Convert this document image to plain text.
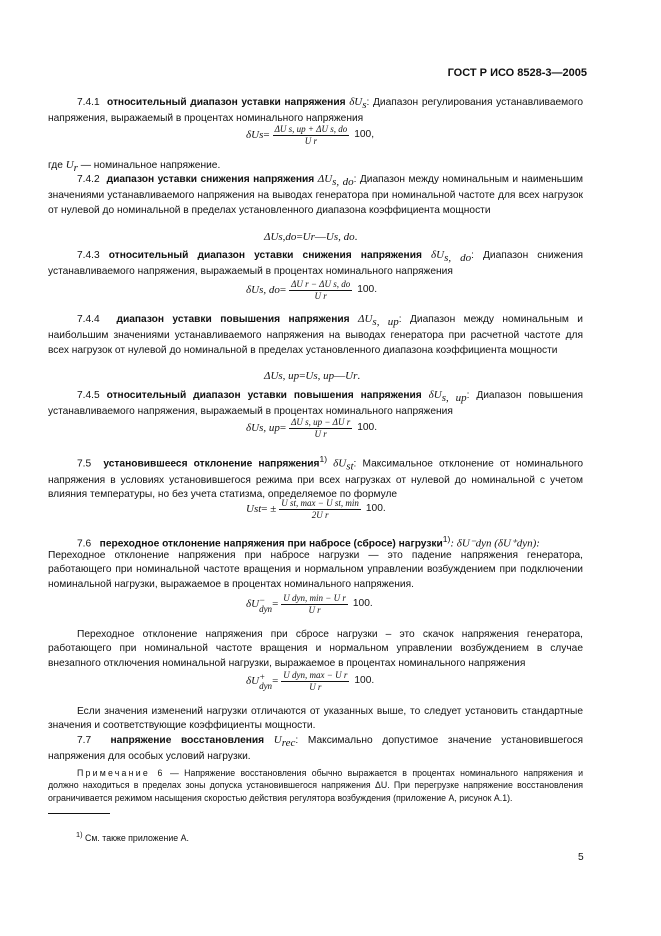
ГОСТ Р ИСО 8528-3—2005
7.4.1 относительный диапазон уставки напряжения $\delta U_s$: Диапазон регулирования устанавливаемого напряжения, выражаемый в процентах номинального напряжения
δU $s = \frac{\text{ΔU s, up + ΔU s, do}}{\text{U r}} 100$,
где $U_r$ — номинальное напряжение.
7.4.2 диапазон уставки снижения напряжения $\Delta U_{s, do}$: Диапазон между номинальным и наименьшим значениями устанавливаемого напряжения на выводах генератора при номинальной частоте для всех нагрузок от нулевой до номинальной в пределах установленного диапазона коэффициента мощности
ΔU s,do = U r — U s, do .
7.4.3 относительный диапазон уставки снижения напряжения $\delta U_{s, do}$: Диапазон снижения устанавливаемого напряжения, выражаемый в процентах номинального напряжения
δU s, do = $\frac{\text{ΔU r − ΔU s, do}}{\text{U r}} 100$.
7.4.4 диапазон уставки повышения напряжения $\Delta U_{s, up}$: Диапазон между номинальным и наибольшим значениями устанавливаемого напряжения на выводах генератора при расчетной частоте для всех нагрузок от нулевой до номинальной в пределах установленного диапазона коэффициента мощности
ΔU s, up = U s, up — U r .
7.4.5 относительный диапазон уставки повышения напряжения $\delta U_{s, up}$: Диапазон повышения устанавливаемого напряжения, выражаемый в процентах номинального напряжения
δU s, up = $\frac{\text{ΔU s, up − ΔU r}}{\text{U r}} 100$.
7.5 установившееся отклонение напряжения$^{1)}$ $\delta U_{st}$: Максимальное отклонение от номинального напряжения в условиях установившегося режима при всех нагрузках от нулевой до номинальной с учетом влияния температуры, но без учета статизма, определяемое по формуле
U st = ± $\frac{\text{U st, max − U st, min}}{\text{2U r}} 100$.
7.6 переходное отклонение напряжения при набросе (сбросе) нагрузки$^{1)}$: δU⁻dyn (δU⁺dyn):
Переходное отклонение напряжения при набросе нагрузки — это падение напряжения генератора, работающего при номинальной частоте вращения и нормальном управлении возбуждением при подключении номинальной нагрузки, выражаемое в процентах номинального напряжения.
δU −
dyn = $\frac{\text{U dyn, min − U r}}{\text{U r}} 100$.
Переходное отклонение напряжения при сбросе нагрузки – это скачок напряжения генератора, работающего при номинальной частоте вращения и нормальном управлении возбуждением в случае внезапного отключения номинальной нагрузки, выражаемое в процентах номинального напряжения
δU +
dyn = $\frac{\text{U dyn, max − U r}}{\text{U r}} 100$.
Если значения изменений нагрузки отличаются от указанных выше, то следует установить стандартные значения и соответствующие коэффициенты мощности.
7.7 напряжение восстановления $U_{rec}$: Максимально допустимое значение установившегося напряжения для особых условий нагрузки.
Примечание 6 — Напряжение восстановления обычно выражается в процентах номинального напряжения и должно находиться в пределах зоны допуска установившегося напряжения ΔU. При перегрузке напряжение восстановления ограничивается режимом насыщения скоростью действия регулятора возбуждения (приложение А, рисунок А.1).
$^{1)}$ См. также приложение А.
5
